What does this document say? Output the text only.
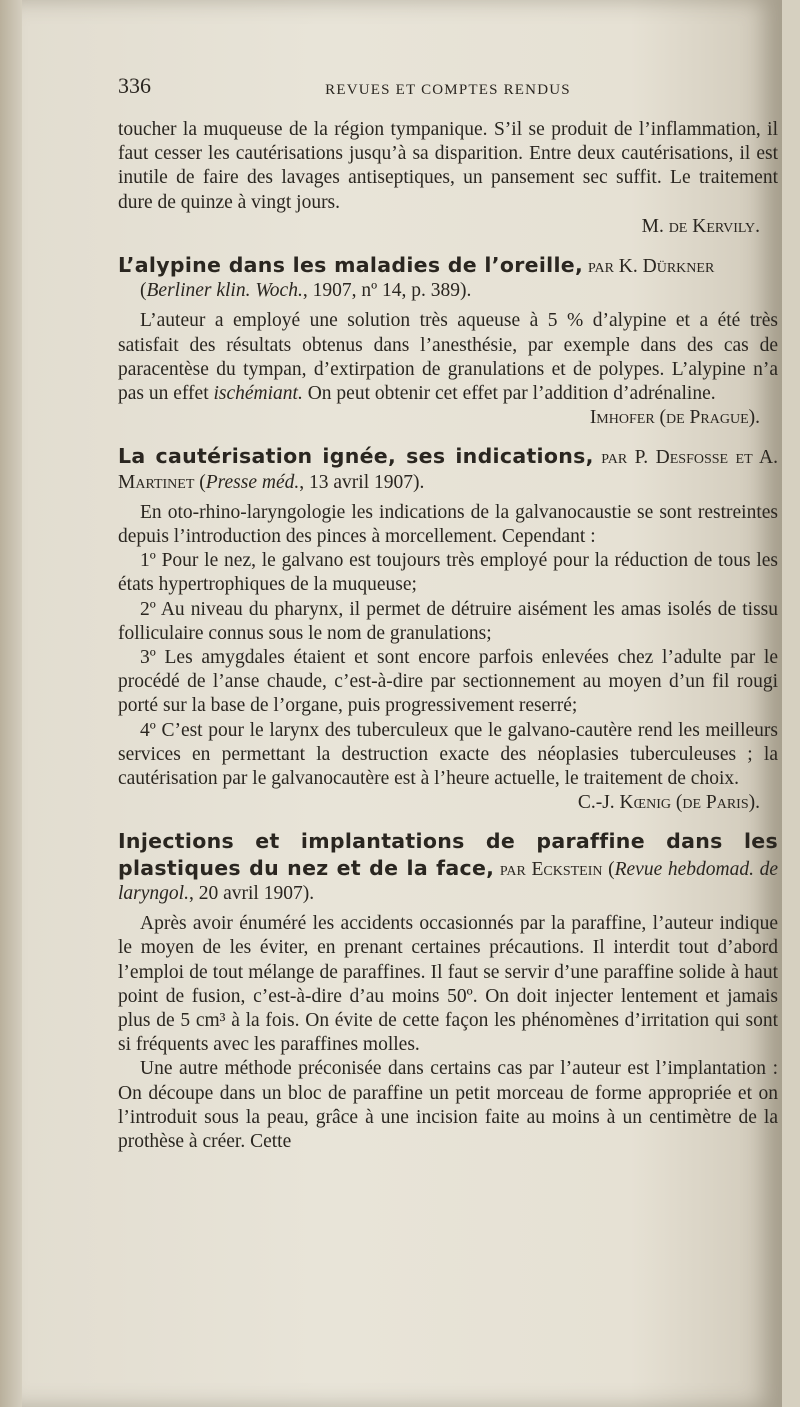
336	REVUES ET COMPTES RENDUS

toucher la muqueuse de la région tympanique. S’il se produit de l’inflammation, il faut cesser les cautérisations jusqu’à sa disparition. Entre deux cautérisations, il est inutile de faire des lavages antiseptiques, un pansement sec suffit. Le traitement dure de quinze à vingt jours.

M. de Kervily.

L’alypine dans les maladies de l’oreille, par K. Dürkner
(Berliner klin. Woch., 1907, nº 14, p. 389).

L’auteur a employé une solution très aqueuse à 5 % d’alypine et a été très satisfait des résultats obtenus dans l’anesthésie, par exemple dans des cas de paracentèse du tympan, d’extirpation de granulations et de polypes. L’alypine n’a pas un effet ischémiant. On peut obtenir cet effet par l’addition d’adrénaline.

Imhofer (de Prague).

La cautérisation ignée, ses indications, par P. Desfosse et A. Martinet (Presse méd., 13 avril 1907).

En oto-rhino-laryngologie les indications de la galvanocaustie se sont restreintes depuis l’introduction des pinces à morcellement. Cependant :

1º Pour le nez, le galvano est toujours très employé pour la réduction de tous les états hypertrophiques de la muqueuse;

2º Au niveau du pharynx, il permet de détruire aisément les amas isolés de tissu folliculaire connus sous le nom de granulations;

3º Les amygdales étaient et sont encore parfois enlevées chez l’adulte par le procédé de l’anse chaude, c’est-à-dire par sectionnement au moyen d’un fil rougi porté sur la base de l’organe, puis progressivement reserré;

4º C’est pour le larynx des tuberculeux que le galvano-cautère rend les meilleurs services en permettant la destruction exacte des néoplasies tuberculeuses ; la cautérisation par le galvanocautère est à l’heure actuelle, le traitement de choix.

C.-J. Kœnig (de Paris).

Injections et implantations de paraffine dans les plastiques du nez et de la face, par Eckstein (Revue hebdomad. de laryngol., 20 avril 1907).

Après avoir énuméré les accidents occasionnés par la paraffine, l’auteur indique le moyen de les éviter, en prenant certaines précautions. Il interdit tout d’abord l’emploi de tout mélange de paraffines. Il faut se servir d’une paraffine solide à haut point de fusion, c’est-à-dire d’au moins 50º. On doit injecter lentement et jamais plus de 5 cm³ à la fois. On évite de cette façon les phénomènes d’irritation qui sont si fréquents avec les paraffines molles.

Une autre méthode préconisée dans certains cas par l’auteur est l’implantation : On découpe dans un bloc de paraffine un petit morceau de forme appropriée et on l’introduit sous la peau, grâce à une incision faite au moins à un centimètre de la prothèse à créer. Cette
